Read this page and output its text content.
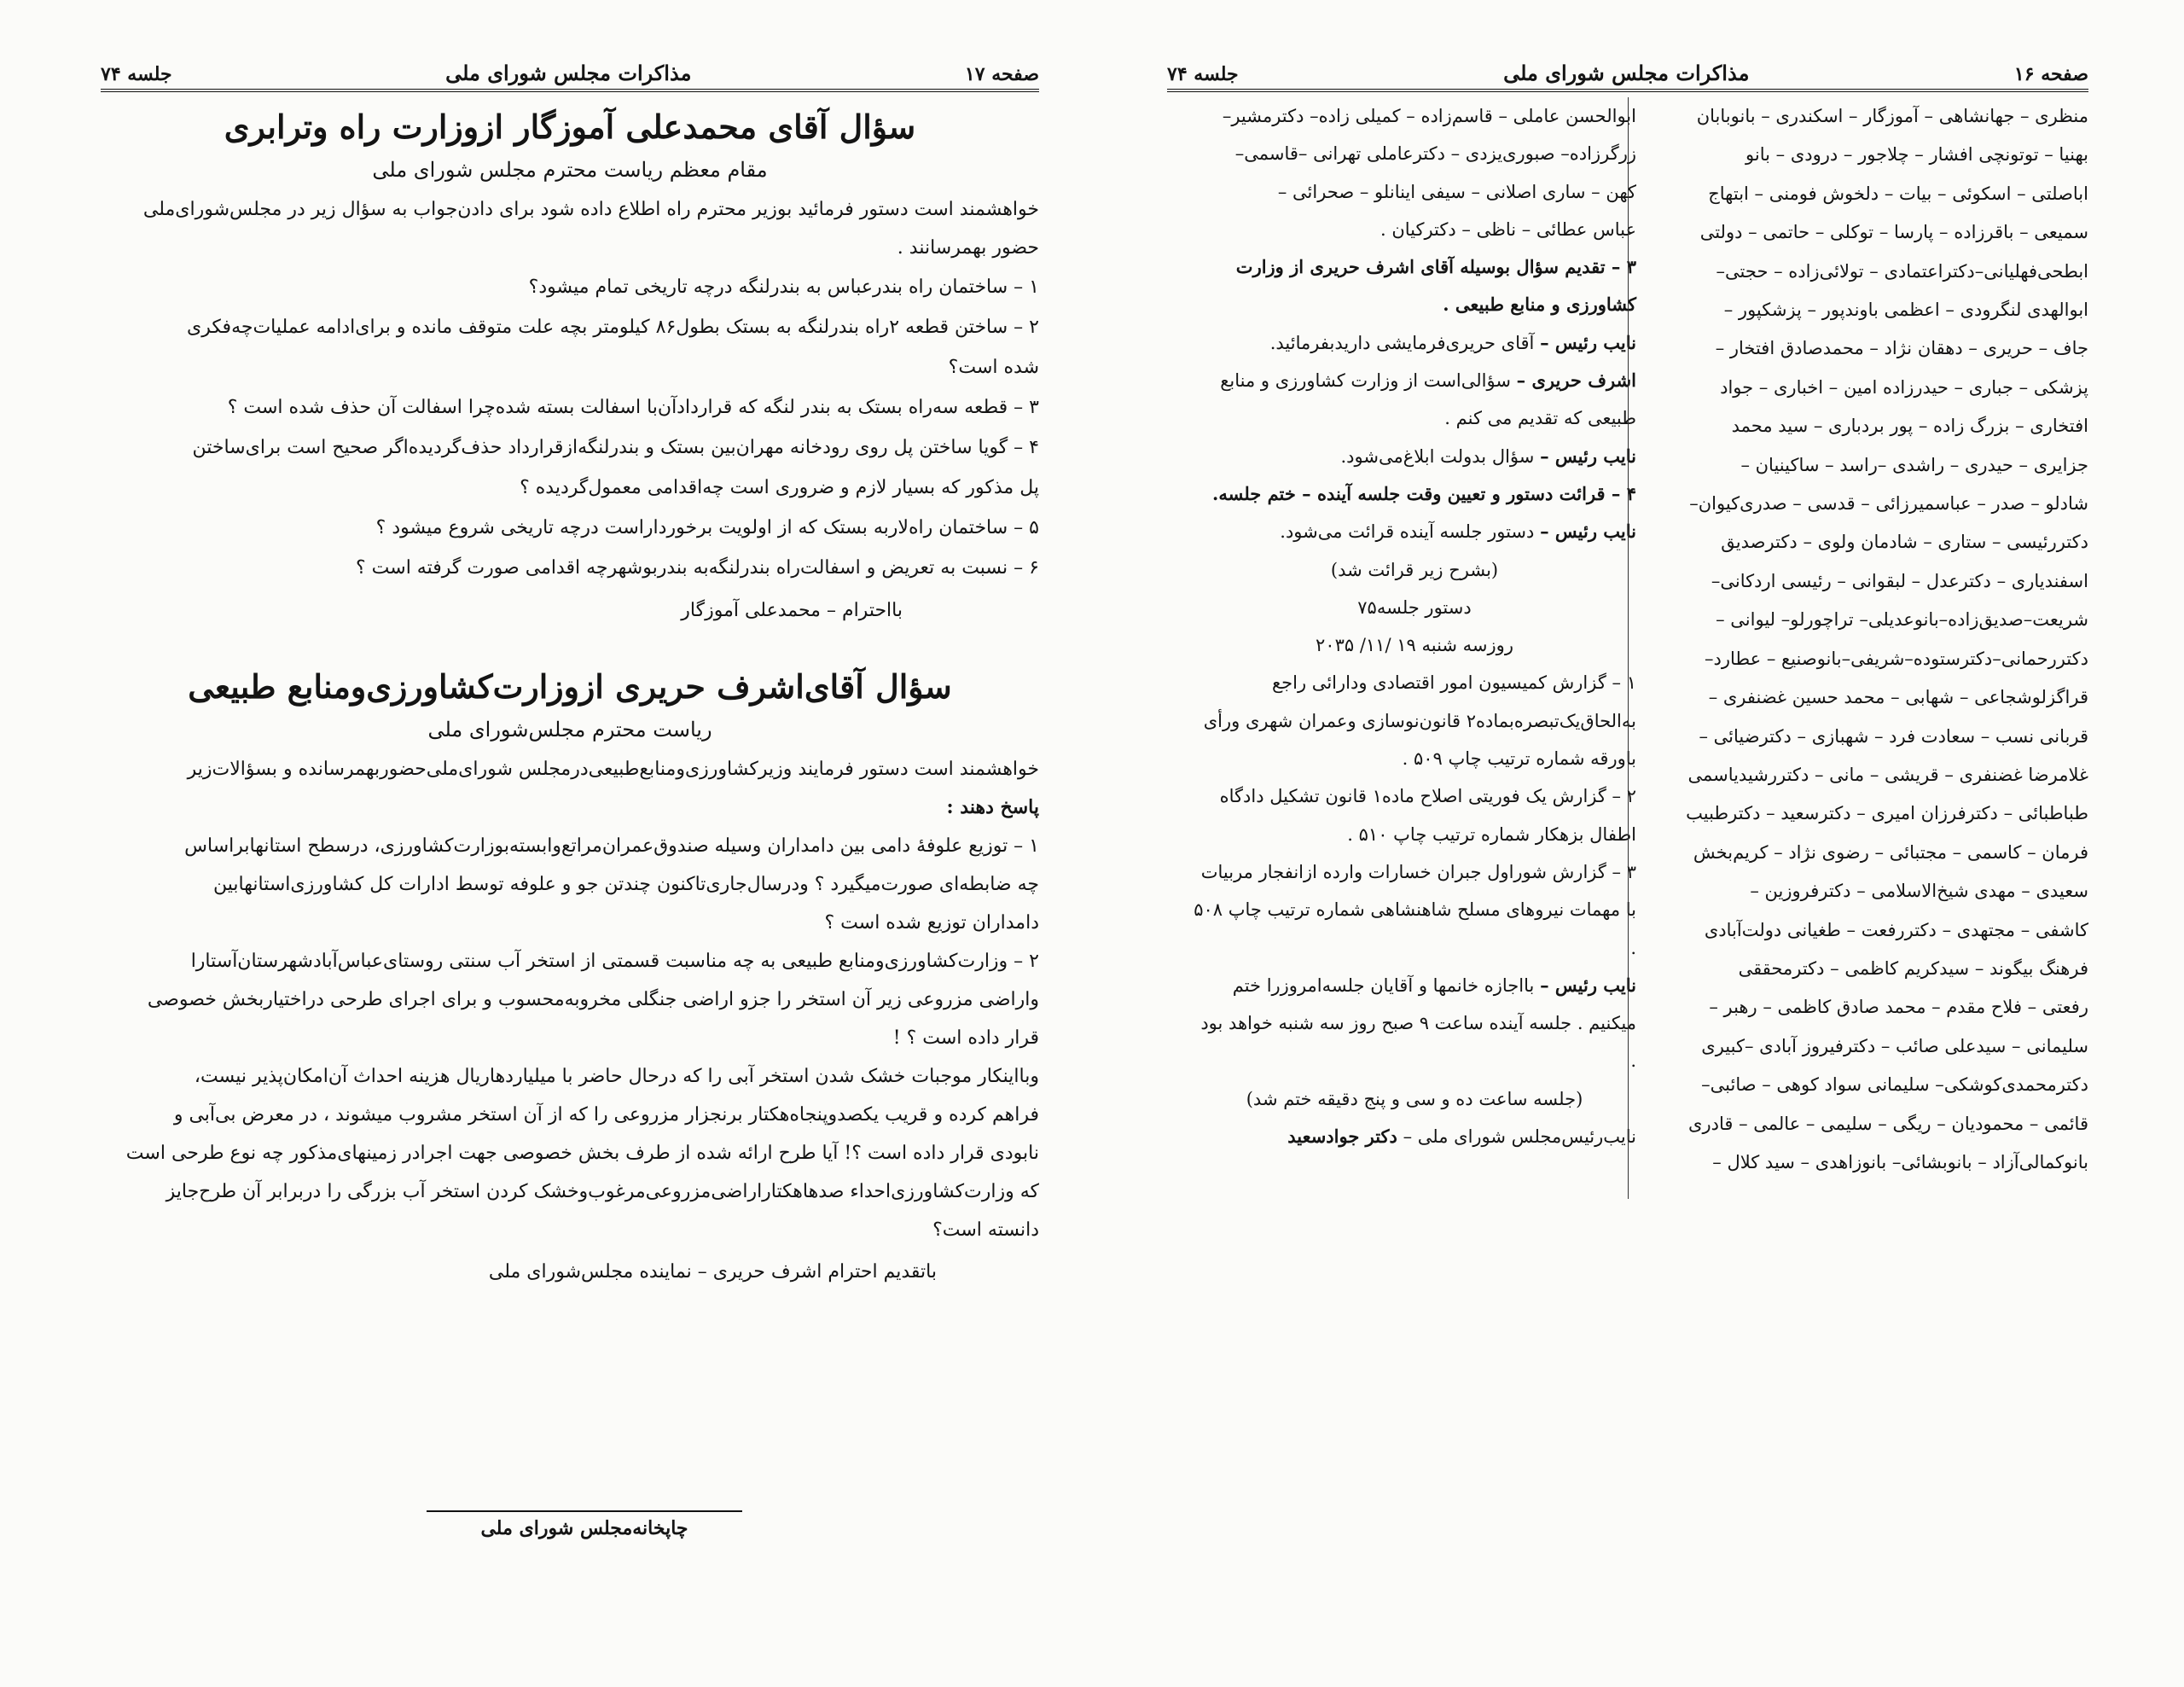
صفحه ۱۷
مذاکرات مجلس شورای ملی
جلسه ۷۴
سؤال آقای محمدعلی آموزگار ازوزارت راه وترابری
مقام معظم ریاست محترم مجلس شورای ملی

خواهشمند است دستور فرمائید بوزیر محترم راه اطلاع داده شود برای دادن‌جواب به سؤال زیر در مجلس‌شورای‌ملی

حضور بهمرسانند .

۱ – ساختمان راه بندرعباس به بندرلنگه درچه تاریخی تمام میشود؟

۲ – ساختن قطعه ۲راه بندرلنگه به بستک بطول۸۶ کیلومتر بچه علت متوقف مانده و برای‌ادامه عملیات‌چه‌فکری

شده است؟

۳ – قطعه سه‌راه بستک به بندر لنگه که قراردادآن‌با اسفالت بسته شده‌چرا اسفالت آن حذف شده است ؟

۴ – گویا ساختن پل روی رودخانه مهران‌بین بستک و بندرلنگه‌ازقرارداد حذف‌گردیده‌اگر صحیح است برای‌ساختن

پل مذکور که بسیار لازم و ضروری است چه‌اقدامی معمول‌گردیده ؟

۵ – ساختمان راه‌لاربه بستک که از اولویت برخورداراست درچه تاریخی شروع میشود ؟

۶ – نسبت به تعریض و اسفالت‌راه بندرلنگه‌به بندربوشهرچه اقدامی صورت گرفته است ؟

بااحترام – محمدعلی آموزگار

سؤال آقای‌اشرف حریری ازوزارت‌کشاورزی‌ومنابع طبیعی
ریاست محترم مجلس‌شورای ملی

خواهشمند است دستور فرمایند وزیرکشاورزی‌ومنابع‌طبیعی‌درمجلس شورای‌ملی‌حضوربهمرسانده و بسؤالات‌زیر

پاسخ دهند :

۱ – توزیع علوفهٔ دامی بین دامداران وسیله صندوق‌عمران‌مراتع‌وابسته‌بوزارت‌کشاورزی، درسطح استانهابراساس

چه ضابطه‌ای صورت‌میگیرد ؟ ودرسال‌جاری‌تاکنون چندتن جو و علوفه توسط ادارات کل کشاورزی‌استانهابین

دامداران توزیع شده است ؟

۲ – وزارت‌کشاورزی‌ومنابع طبیعی به چه مناسبت قسمتی از استخر آب سنتی روستای‌عباس‌آبادشهرستان‌آستارا

واراضی مزروعی زیر آن استخر را جزو اراضی جنگلی مخروبه‌محسوب و برای اجرای طرحی دراختیاربخش خصوصی

قرار داده است ؟ !

وبااینکار موجبات خشک شدن استخر آبی را که درحال حاضر با میلیاردهاریال هزینه احداث آن‌امکان‌پذیر نیست،

فراهم کرده و قریب یکصدوپنجاه‌هکتار برنجزار مزروعی را که از آن استخر مشروب میشوند ، در معرض بی‌آبی و

نابودی قرار داده است ؟! آیا طرح ارائه شده از طرف بخش خصوصی جهت اجرادر زمینهای‌مذکور چه نوع طرحی است

که وزارت‌کشاورزی‌احداء صدهاهکتاراراضی‌مزروعی‌مرغوب‌وخشک کردن استخر آب بزرگی را دربرابر آن طرح‌جایز

دانسته است؟

باتقدیم احترام اشرف حریری – نماینده مجلس‌شورای ملی

چاپخانه‌مجلس شورای ملی
صفحه ۱۶
مذاکرات مجلس شورای ملی
جلسه ۷۴
منظری – جهانشاهی – آموزگار – اسکندری – بانوبابان
بهنیا – توتونچی افشار – چلاجور – درودی – بانو
اباصلتی – اسکوئی – بیات – دلخوش فومنی – ابتهاج
سمیعی – باقرزاده – پارسا – توکلی – حاتمی – دولتی
ابطحی‌فهلیانی–دکتراعتمادی – تولائی‌زاده – حجتی–
ابوالهدی لنگرودی – اعظمی باوندپور – پزشکپور –
جاف – حریری – دهقان نژاد – محمدصادق افتخار –
پزشکی – جباری – حیدرزاده امین – اخباری – جواد
افتخاری – بزرگ زاده – پور بردباری – سید محمد
جزایری – حیدری – راشدی –راسد – ساکینیان –
شادلو – صدر – عباسمیرزائی – قدسی – صدری‌کیوان–
دکتررئیسی – ستاری – شادمان ولوی – دکترصدیق
اسفندیاری – دکترعدل – لبقوانی – رئیسی اردکانی–
شریعت–صدیق‌زاده–بانوعدیلی– تراچورلو– لیوانی –
دکتررحمانی–دکترستوده–شریفی–بانوصنیع – عطارد–
قراگزلوشجاعی – شهابی – محمد حسین غضنفری –
قربانی نسب – سعادت فرد – شهبازی – دکترضیائی –
غلامرضا غضنفری – قریشی – مانی – دکتررشیدیاسمی
طباطبائی – دکترفرزان امیری – دکترسعید – دکترطبیب
فرمان – کاسمی – مجتبائی – رضوی نژاد – کریم‌بخش
سعیدی – مهدی شیخ‌الاسلامی – دکترفروزین –
کاشفی – مجتهدی – دکتررفعت – طغیانی دولت‌آبادی
فرهنگ بیگوند – سیدکریم کاظمی – دکترمحققی
رفعتی – فلاح مقدم – محمد صادق کاظمی – رهبر –
سلیمانی – سیدعلی صائب – دکترفیروز آبادی –کبیری
دکترمحمدی‌کوشکی– سلیمانی سواد کوهی – صائبی–
قائمی – محمودیان – ریگی – سلیمی – عالمی – قادری
بانوکمالی‌آزاد – بانوبشائی– بانوزاهدی – سید کلال –
ابوالحسن عاملی – قاسم‌زاده – کمیلی زاده– دکترمشیر–
زرگرزاده– صبوری‌یزدی – دکترعاملی تهرانی –قاسمی–
کهن – ساری اصلانی – سیفی اینانلو – صحرائی –
عباس عطائی – ناظی – دکترکیان .
۳ – تقدیم سؤال بوسیله آقای اشرف حریری از وزارت کشاورزی و منابع طبیعی .
نایب رئیس – آقای حریری‌فرمایشی داریدبفرمائید.
اشرف حریری – سؤالی‌است از وزارت کشاورزی و منابع طبیعی که تقدیم می کنم .
نایب رئیس – سؤال بدولت ابلاغ‌می‌شود.
۴ – قرائت دستور و تعیین وقت جلسه آینده – ختم جلسه.
نایب رئیس – دستور جلسه آینده قرائت می‌شود.
(بشرح زیر قرائت شد)
دستور جلسه۷۵
روزسه شنبه ۱۹ /۱۱/ ۲۰۳۵
۱ – گزارش کمیسیون امور اقتصادی ودارائی راجع به‌الحاق‌یک‌تبصره‌بماده۲ قانون‌نوسازی وعمران شهری ورأی باورقه شماره ترتیب چاپ ۵۰۹ .
۲ – گزارش یک فوریتی اصلاح ماده۱ قانون تشکیل دادگاه اطفال بزهکار شماره ترتیب چاپ ۵۱۰ .
۳ – گزارش شوراول جبران خسارات وارده ازانفجار مربیات با مهمات نیروهای مسلح شاهنشاهی شماره ترتیب چاپ ۵۰۸ .
نایب رئیس – بااجازه خانمها و آقایان جلسه‌امروزرا ختم میکنیم . جلسه آینده ساعت ۹ صبح روز سه شنبه خواهد بود .
(جلسه ساعت ده و سی و پنج دقیقه ختم شد)
نایب‌رئیس‌مجلس شورای ملی – دکتر جوادسعید
